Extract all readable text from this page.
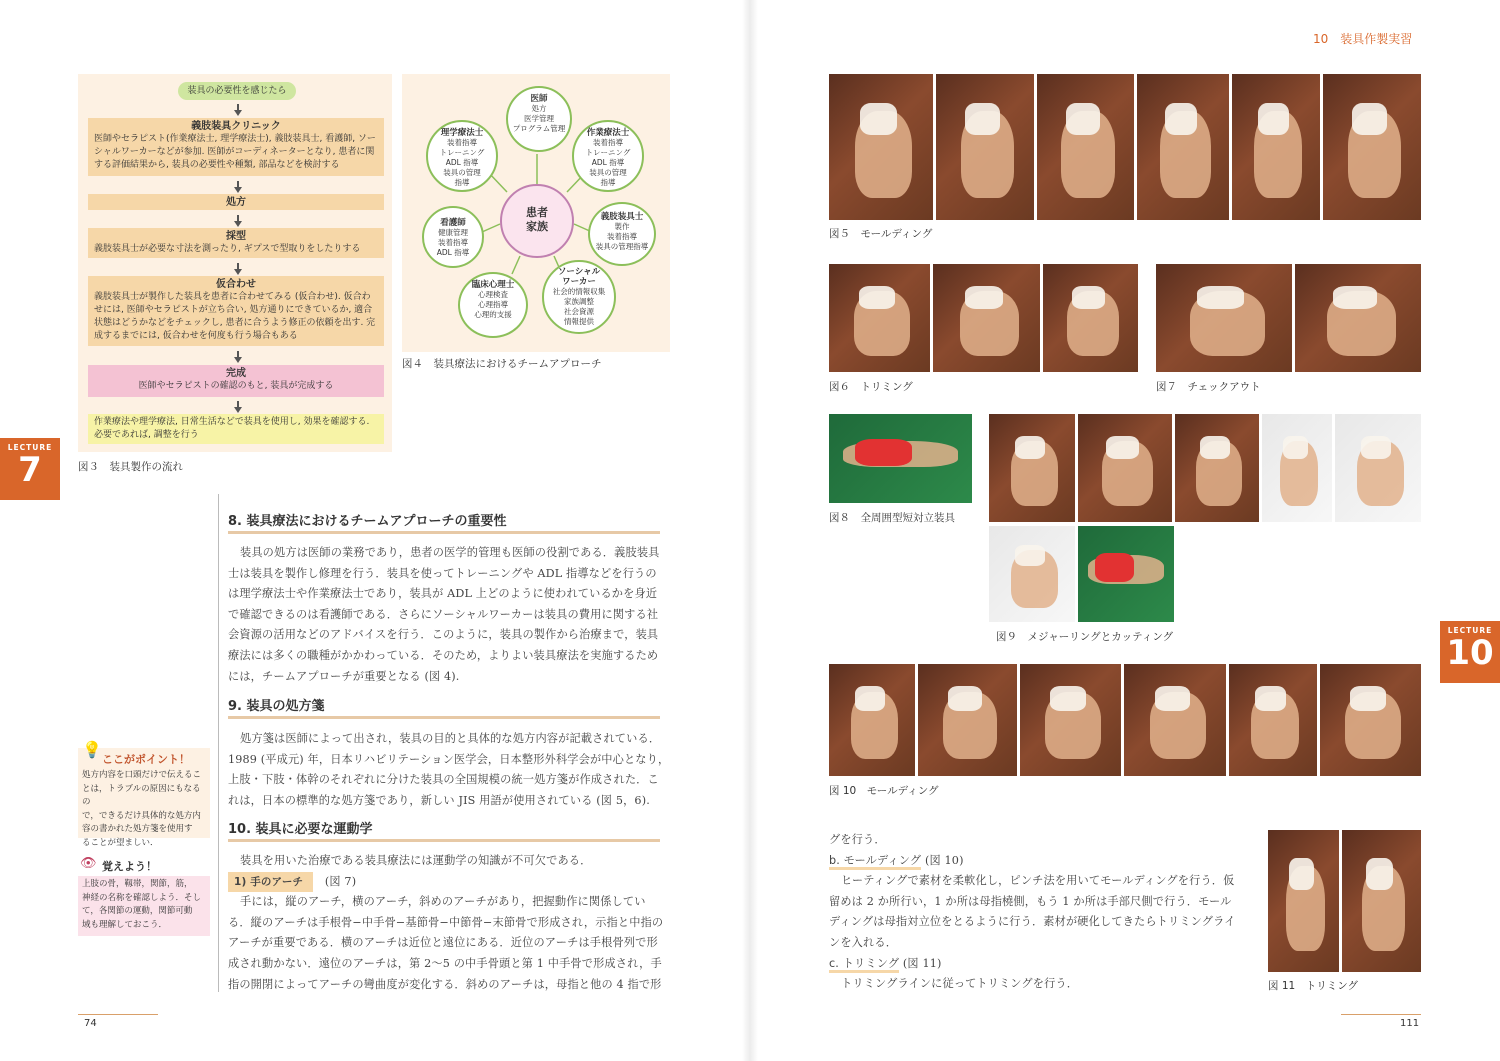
装具の必要性を感じたら
義肢装具クリニック
医師やセラピスト(作業療法士, 理学療法士), 義肢装具士, 看護師, ソーシャルワーカーなどが参加. 医師がコーディネーターとなり, 患者に関する評価結果から, 装具の必要性や種類, 部品などを検討する
処方
採型
義肢装具士が必要な寸法を測ったり, ギプスで型取りをしたりする
仮合わせ
義肢装具士が製作した装具を患者に合わせてみる (仮合わせ). 仮合わせには, 医師やセラピストが立ち合い, 処方通りにできているか, 適合状態はどうかなどをチェックし, 患者に合うよう修正の依頼を出す. 完成するまでには, 仮合わせを何度も行う場合もある
完成
医師やセラピストの確認のもと, 装具が完成する
作業療法や理学療法, 日常生活などで装具を使用し, 効果を確認する. 必要であれば, 調整を行う
図３　装具製作の流れ
患者
家族
医師
処方
医学管理
プログラム管理
理学療法士
装着指導
トレーニング
ADL 指導
装具の管理
指導
作業療法士
装着指導
トレーニング
ADL 指導
装具の管理
指導
看護師
健康管理
装着指導
ADL 指導
義肢装具士
製作
装着指導
装具の管理指導
臨床心理士
心理検査
心理指導
心理的支援
ソーシャル
ワーカー
社会的情報収集
家族調整
社会資源
情報提供
図４　装具療法におけるチームアプローチ
LECTURE
7
8. 装具療法におけるチームアプローチの重要性
装具の処方は医師の業務であり，患者の医学的管理も医師の役割である．義肢装具
士は装具を製作し修理を行う．装具を使ってトレーニングや ADL 指導などを行うの
は理学療法士や作業療法士であり，装具が ADL 上どのように使われているかを身近
で確認できるのは看護師である．さらにソーシャルワーカーは装具の費用に関する社
会資源の活用などのアドバイスを行う．このように，装具の製作から治療まで，装具
療法には多くの職種がかかわっている．そのため，よりよい装具療法を実施するため
には，チームアプローチが重要となる (図 4).
9. 装具の処方箋
処方箋は医師によって出され，装具の目的と具体的な処方内容が記載されている．
1989 (平成元) 年，日本リハビリテーション医学会，日本整形外科学会が中心となり，
上肢・下肢・体幹のそれぞれに分けた装具の全国規模の統一処方箋が作成された．こ
れは，日本の標準的な処方箋であり，新しい JIS 用語が使用されている (図 5，6).
10. 装具に必要な運動学
装具を用いた治療である装具療法には運動学の知識が不可欠である．
1) 手のアーチ (図 7)
手には，縦のアーチ，横のアーチ，斜めのアーチがあり，把握動作に関係してい
る．縦のアーチは手根骨−中手骨−基節骨−中節骨−末節骨で形成され，示指と中指の
アーチが重要である．横のアーチは近位と遠位にある．近位のアーチは手根骨列で形
成され動かない．遠位のアーチは，第 2〜5 の中手骨頭と第 1 中手骨で形成され，手
指の開閉によってアーチの彎曲度が変化する．斜めのアーチは，母指と他の 4 指で形
💡
ここがポイント！
処方内容を口頭だけで伝えるこ
とは，トラブルの原因にもなるの
で，できるだけ具体的な処方内
容の書かれた処方箋を使用す
ることが望ましい．
👁 覚えよう！
上肢の骨，靱帯，関節，筋，
神経の名称を確認しよう．そし
て，各関節の運動，関節可動
域も理解しておこう．
74
10　装具作製実習
図５　モールディング
図６　トリミング	図７　チェックアウト
図８　全周囲型短対立装具
図９　メジャーリングとカッティング
LECTURE
10
図 10　モールディング
グを行う．
b. モールディング (図 10)
ヒーティングで素材を柔軟化し，ピンチ法を用いてモールディングを行う．仮
留めは 2 か所行い，1 か所は母指橈側，もう 1 か所は手部尺側で行う．モール
ディングは母指対立位をとるように行う．素材が硬化してきたらトリミングライ
ンを入れる．
c. トリミング (図 11)
トリミングラインに従ってトリミングを行う．	図 11　トリミング
111
